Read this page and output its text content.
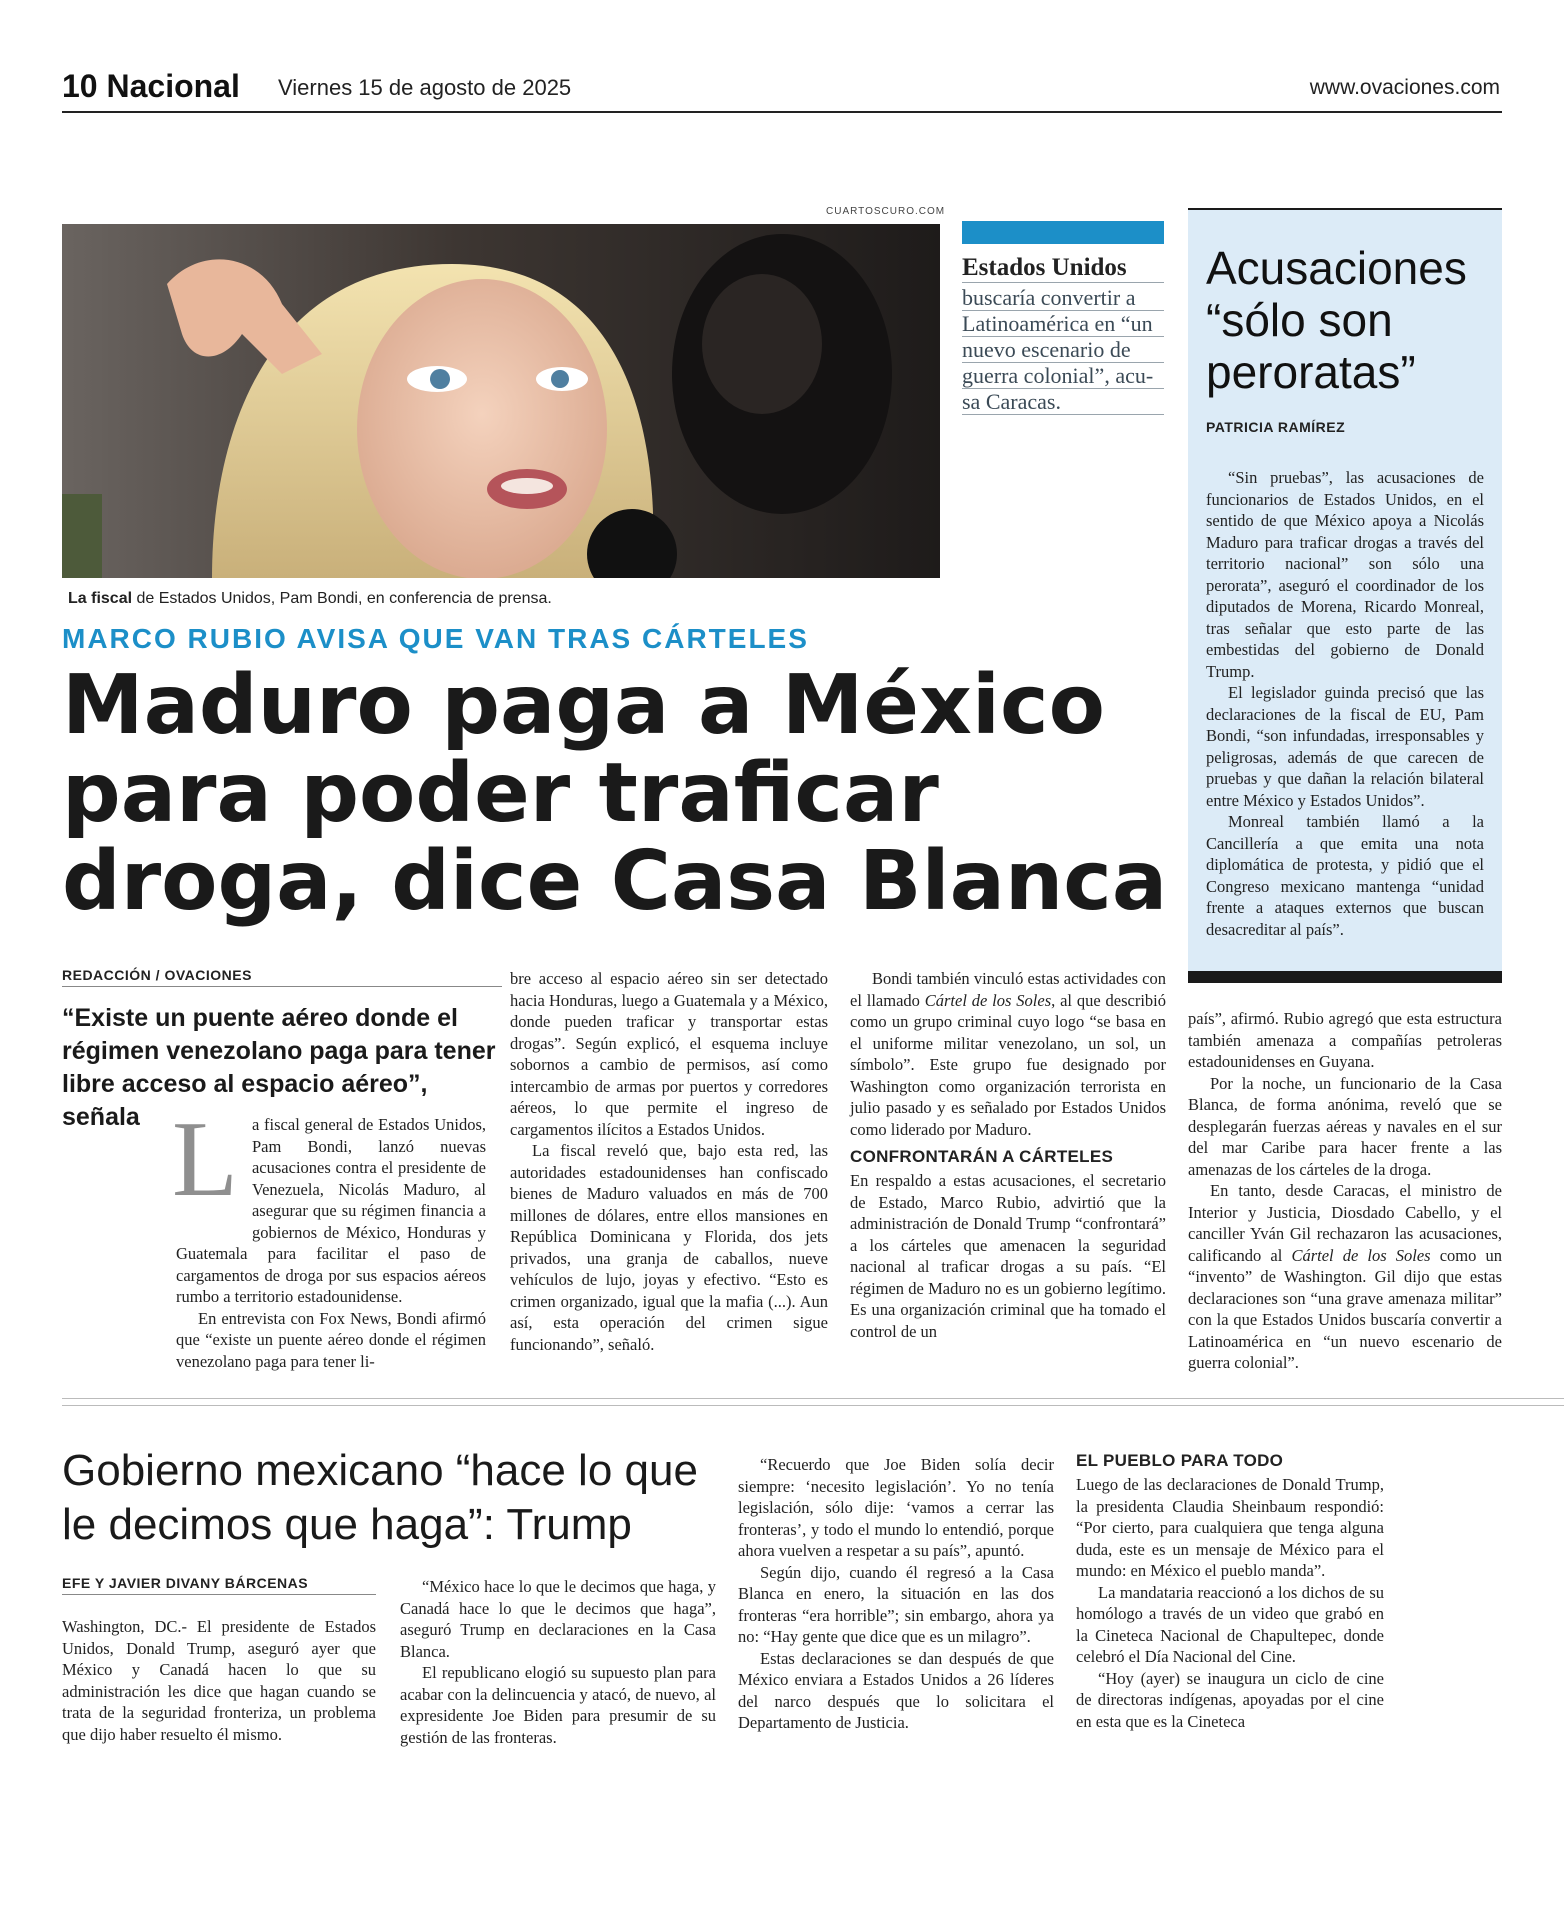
10 Nacional Viernes 15 de agosto de 2025	www.ovaciones.com
CUARTOSCURO.COM
La fiscal de Estados Unidos, Pam Bondi, en conferencia de prensa.
Estados Unidos
buscaría convertir a
Latinoamérica en “un
nuevo escenario de
guerra colonial”, acu-
sa Caracas.
Acusaciones
“sólo son
peroratas”
PATRICIA RAMÍREZ

“Sin pruebas”, las acusaciones de funcionarios de Estados Unidos, en el sentido de que México apoya a Nicolás Maduro para traficar drogas a través del territorio nacional” son sólo una perorata”, aseguró el coordinador de los diputados de Morena, Ricardo Monreal, tras señalar que esto parte de las embestidas del gobierno de Donald Trump.

El legislador guinda precisó que las declaraciones de la fiscal de EU, Pam Bondi, “son infundadas, irresponsables y peligrosas, además de que carecen de pruebas y que dañan la relación bilateral entre México y Estados Unidos”.

Monreal también llamó a la Cancillería a que emita una nota diplomática de protesta, y pidió que el Congreso mexicano mantenga “unidad frente a ataques externos que buscan desacreditar al país”.

MARCO RUBIO AVISA QUE VAN TRAS CÁRTELES
Maduro paga a México
para poder traficar
droga, dice Casa Blanca
REDACCIÓN / OVACIONES
“Existe un puente aéreo donde el régimen venezolano paga para tener libre acceso al espacio aéreo”, señala La fiscal general de Estados Unidos, Pam Bondi, lanzó nuevas acusaciones contra el presidente de Venezuela, Nicolás Maduro, al asegurar que su régimen financia a gobiernos de México, Honduras y Guatemala para facilitar el paso de cargamentos de droga por sus espacios aéreos rumbo a territorio estadounidense.

En entrevista con Fox News, Bondi afirmó que “existe un puente aéreo donde el régimen venezolano paga para tener li-

bre acceso al espacio aéreo sin ser detectado hacia Honduras, luego a Guatemala y a México, donde pueden traficar y transportar estas drogas”. Según explicó, el esquema incluye sobornos a cambio de permisos, así como intercambio de armas por puertos y corredores aéreos, lo que permite el ingreso de cargamentos ilícitos a Estados Unidos.

La fiscal reveló que, bajo esta red, las autoridades estadounidenses han confiscado bienes de Maduro valuados en más de 700 millones de dólares, entre ellos mansiones en República Dominicana y Florida, dos jets privados, una granja de caballos, nueve vehículos de lujo, joyas y efectivo. “Esto es crimen organizado, igual que la mafia (...). Aun así, esta operación del crimen sigue funcionando”, señaló.

Bondi también vinculó estas actividades con el llamado Cártel de los Soles, al que describió como un grupo criminal cuyo logo “se basa en el uniforme militar venezolano, un sol, un símbolo”. Este grupo fue designado por Washington como organización terrorista en julio pasado y es señalado por Estados Unidos como liderado por Maduro.

CONFRONTARÁN A CÁRTELES

En respaldo a estas acusaciones, el secretario de Estado, Marco Rubio, advirtió que la administración de Donald Trump “confrontará” a los cárteles que amenacen la seguridad nacional al traficar drogas a su país. “El régimen de Maduro no es un gobierno legítimo. Es una organización criminal que ha tomado el control de un

país”, afirmó. Rubio agregó que esta estructura también amenaza a compañías petroleras estadounidenses en Guyana.

Por la noche, un funcionario de la Casa Blanca, de forma anónima, reveló que se desplegarán fuerzas aéreas y navales en el sur del mar Caribe para hacer frente a las amenazas de los cárteles de la droga.

En tanto, desde Caracas, el ministro de Interior y Justicia, Diosdado Cabello, y el canciller Yván Gil rechazaron las acusaciones, calificando al Cártel de los Soles como un “invento” de Washington. Gil dijo que estas declaraciones son “una grave amenaza militar” con la que Estados Unidos buscaría convertir a Latinoamérica en “un nuevo escenario de guerra colonial”.

Gobierno mexicano “hace lo que
le decimos que haga”: Trump
EFE Y JAVIER DIVANY BÁRCENAS

Washington, DC.- El presidente de Estados Unidos, Donald Trump, aseguró ayer que México y Canadá hacen lo que su administración les dice que hagan cuando se trata de la seguridad fronteriza, un problema que dijo haber resuelto él mismo.

“México hace lo que le decimos que haga, y Canadá hace lo que le decimos que haga”, aseguró Trump en declaraciones en la Casa Blanca.

El republicano elogió su supuesto plan para acabar con la delincuencia y atacó, de nuevo, al expresidente Joe Biden para presumir de su gestión de las fronteras.

“Recuerdo que Joe Biden solía decir siempre: ‘necesito legislación’. Yo no tenía legislación, sólo dije: ‘vamos a cerrar las fronteras’, y todo el mundo lo entendió, porque ahora vuelven a respetar a su país”, apuntó.

Según dijo, cuando él regresó a la Casa Blanca en enero, la situación en las dos fronteras “era horrible”; sin embargo, ahora ya no: “Hay gente que dice que es un milagro”.

Estas declaraciones se dan después de que México enviara a Estados Unidos a 26 líderes del narco después que lo solicitara el Departamento de Justicia.

EL PUEBLO PARA TODO

Luego de las declaraciones de Donald Trump, la presidenta Claudia Sheinbaum respondió: “Por cierto, para cualquiera que tenga alguna duda, este es un mensaje de México para el mundo: en México el pueblo manda”.

La mandataria reaccionó a los dichos de su homólogo a través de un video que grabó en la Cineteca Nacional de Chapultepec, donde celebró el Día Nacional del Cine.

“Hoy (ayer) se inaugura un ciclo de cine de directoras indígenas, apoyadas por el cine en esta que es la Cineteca
